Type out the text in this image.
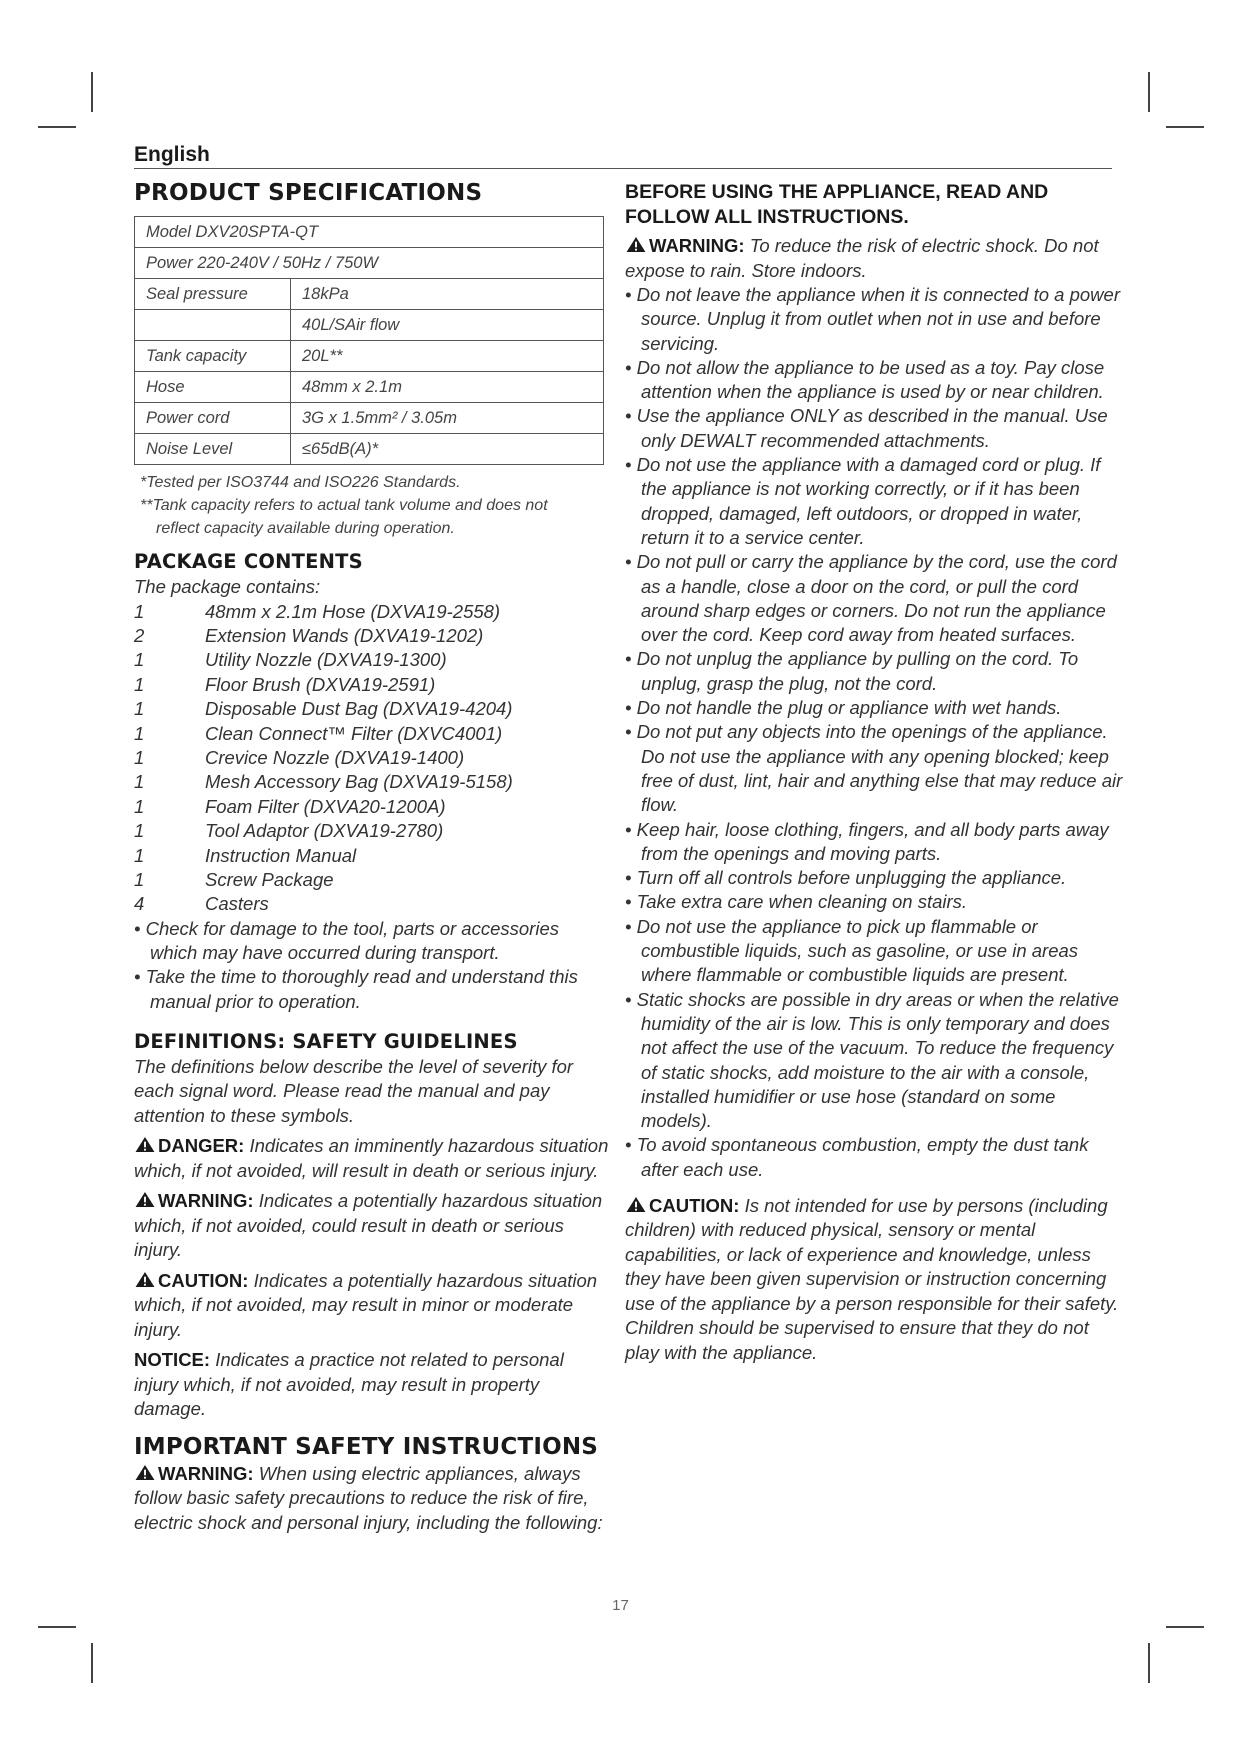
English
PRODUCT SPECIFICATIONS
Model DXV20SPTA-QT	
Power 220-240V / 50Hz / 750W	
Seal pressure	18kPa
	40L/SAir flow
Tank capacity	20L**
Hose	48mm x 2.1m
Power cord	3G x 1.5mm² / 3.05m
Noise Level	≤65dB(A)*
*Tested per ISO3744 and ISO226 Standards.
**Tank capacity refers to actual tank volume and does not
reflect capacity available during operation.
PACKAGE CONTENTS
The package contains:
1	48mm x 2.1m Hose (DXVA19-2558)
2	Extension Wands (DXVA19-1202)
1	Utility Nozzle (DXVA19-1300)
1	Floor Brush (DXVA19-2591)
1	Disposable Dust Bag (DXVA19-4204)
1	Clean Connect™ Filter (DXVC4001)
1	Crevice Nozzle (DXVA19-1400)
1	Mesh Accessory Bag (DXVA19-5158)
1	Foam Filter (DXVA20-1200A)
1	Tool Adaptor (DXVA19-2780)
1	Instruction Manual
1	Screw Package
4	Casters
• Check for damage to the tool, parts or accessories which may have occurred during transport.
• Take the time to thoroughly read and understand this manual prior to operation.
DEFINITIONS: SAFETY GUIDELINES
The definitions below describe the level of severity for each signal word. Please read the manual and pay attention to these symbols.
DANGER: Indicates an imminently hazardous situation which, if not avoided, will result in death or serious injury.
WARNING: Indicates a potentially hazardous situation which, if not avoided, could result in death or serious injury.
CAUTION: Indicates a potentially hazardous situation which, if not avoided, may result in minor or moderate injury.
NOTICE: Indicates a practice not related to personal injury which, if not avoided, may result in property damage.
IMPORTANT SAFETY INSTRUCTIONS
WARNING: When using electric appliances, always follow basic safety precautions to reduce the risk of fire, electric shock and personal injury, including the following:
BEFORE USING THE APPLIANCE, READ AND FOLLOW ALL INSTRUCTIONS.
WARNING: To reduce the risk of electric shock. Do not expose to rain. Store indoors.
• Do not leave the appliance when it is connected to a power source. Unplug it from outlet when not in use and before servicing.
• Do not allow the appliance to be used as a toy. Pay close attention when the appliance is used by or near children.
• Use the appliance ONLY as described in the manual. Use only DEWALT recommended attachments.
• Do not use the appliance with a damaged cord or plug. If the appliance is not working correctly, or if it has been dropped, damaged, left outdoors, or dropped in water, return it to a service center.
• Do not pull or carry the appliance by the cord, use the cord as a handle, close a door on the cord, or pull the cord around sharp edges or corners. Do not run the appliance over the cord. Keep cord away from heated surfaces.
• Do not unplug the appliance by pulling on the cord. To unplug, grasp the plug, not the cord.
• Do not handle the plug or appliance with wet hands.
• Do not put any objects into the openings of the appliance. Do not use the appliance with any opening blocked; keep free of dust, lint, hair and anything else that may reduce air flow.
• Keep hair, loose clothing, fingers, and all body parts away from the openings and moving parts.
• Turn off all controls before unplugging the appliance.
• Take extra care when cleaning on stairs.
• Do not use the appliance to pick up flammable or combustible liquids, such as gasoline, or use in areas where flammable or combustible liquids are present.
• Static shocks are possible in dry areas or when the relative humidity of the air is low. This is only temporary and does not affect the use of the vacuum. To reduce the frequency of static shocks, add moisture to the air with a console, installed humidifier or use hose (standard on some models).
• To avoid spontaneous combustion, empty the dust tank after each use.
CAUTION: Is not intended for use by persons (including children) with reduced physical, sensory or mental capabilities, or lack of experience and knowledge, unless they have been given supervision or instruction concerning use of the appliance by a person responsible for their safety. Children should be supervised to ensure that they do not play with the appliance.
17
